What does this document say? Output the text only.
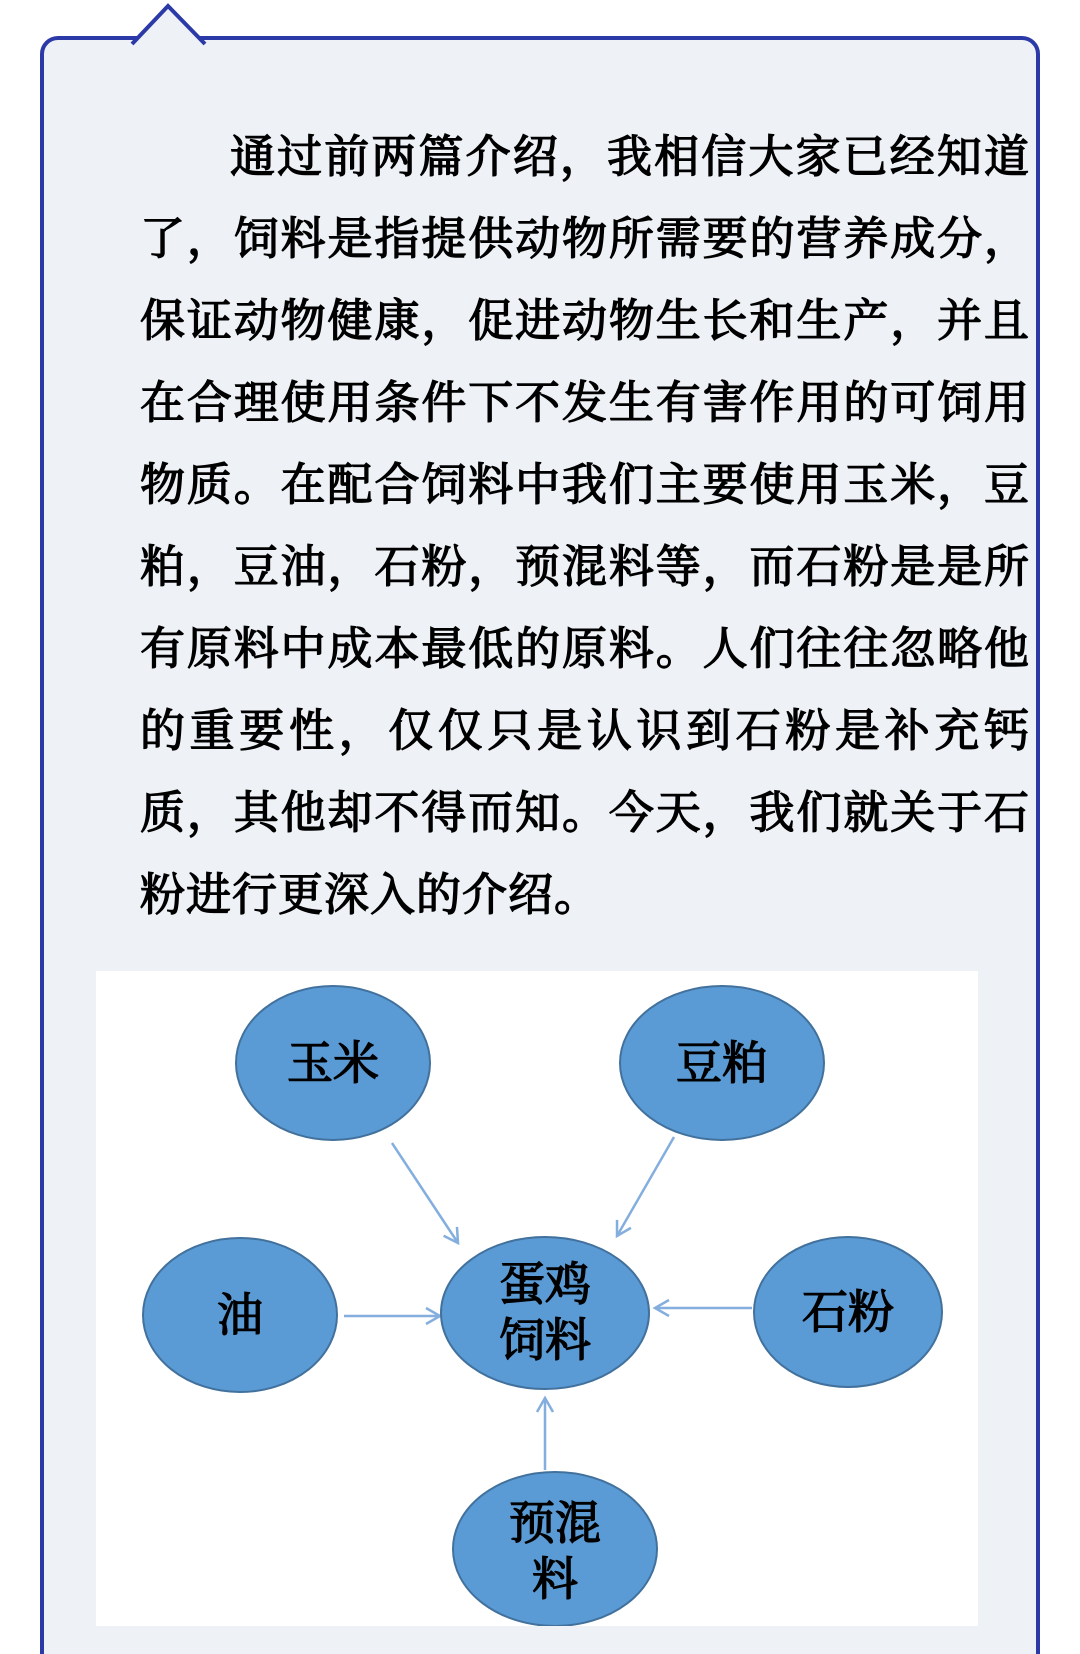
通过前两篇介绍，我相信大家已经知道了，饲料是指提供动物所需要的营养成分，保证动物健康，促进动物生长和生产，并且在合理使用条件下不发生有害作用的可饲用物质。在配合饲料中我们主要使用玉米，豆粕，豆油，石粉，预混料等，而石粉是是所有原料中成本最低的原料。人们往往忽略他的重要性，仅仅只是认识到石粉是补充钙质，其他却不得而知。今天，我们就关于石粉进行更深入的介绍。

玉米	豆粕
油	石粉
蛋鸡
饲料
预混
料
